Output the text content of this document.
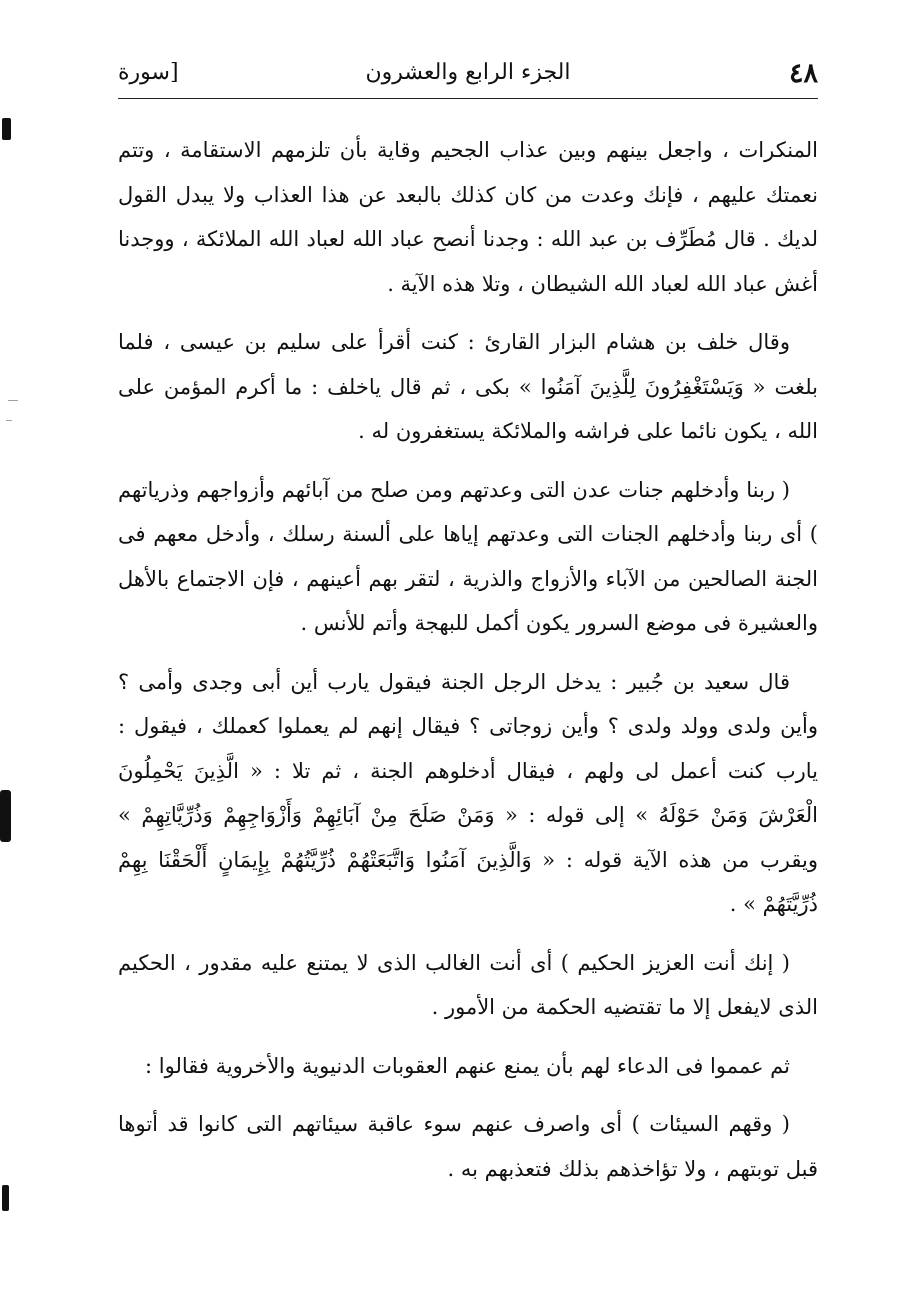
٤٨
الجزء الرابع والعشرون
[سورة

المنكرات ، واجعل بينهم وبين عذاب الجحيم وقاية بأن تلزمهم الاستقامة ، وتتم نعمتك عليهم ، فإنك وعدت من كان كذلك بالبعد عن هذا العذاب ولا يبدل القول لديك . قال مُطَرِّف بن عبد الله : وجدنا أنصح عباد الله لعباد الله الملائكة ، ووجدنا أغش عباد الله لعباد الله الشيطان ، وتلا هذه الآية .

وقال خلف بن هشام البزار القارئ : كنت أقرأ على سليم بن عيسى ، فلما بلغت « وَيَسْتَغْفِرُونَ لِلَّذِينَ آمَنُوا » بكى ، ثم قال ياخلف : ما أكرم المؤمن على الله ، يكون نائما على فراشه والملائكة يستغفرون له .

( ربنا وأدخلهم جنات عدن التى وعدتهم ومن صلح من آبائهم وأزواجهم وذرياتهم ) أى ربنا وأدخلهم الجنات التى وعدتهم إياها على ألسنة رسلك ، وأدخل معهم فى الجنة الصالحين من الآباء والأزواج والذرية ، لتقر بهم أعينهم ، فإن الاجتماع بالأهل والعشيرة فى موضع السرور يكون أكمل للبهجة وأتم للأنس .

قال سعيد بن جُبير : يدخل الرجل الجنة فيقول يارب أين أبى وجدى وأمى ؟ وأين ولدى وولد ولدى ؟ وأين زوجاتى ؟ فيقال إنهم لم يعملوا كعملك ، فيقول : يارب كنت أعمل لى ولهم ، فيقال أدخلوهم الجنة ، ثم تلا : « الَّذِينَ يَحْمِلُونَ الْعَرْشَ وَمَنْ حَوْلَهُ » إلى قوله : « وَمَنْ صَلَحَ مِنْ آبَائِهِمْ وَأَزْوَاجِهِمْ وَذُرِّيَّاتِهِمْ » ويقرب من هذه الآية قوله : « وَالَّذِينَ آمَنُوا وَاتَّبَعَتْهُمْ ذُرِّيَّتُهُمْ بِإِيمَانٍ أَلْحَقْنَا بِهِمْ ذُرِّيَّتَهُمْ » .

( إنك أنت العزيز الحكيم ) أى أنت الغالب الذى لا يمتنع عليه مقدور ، الحكيم الذى لايفعل إلا ما تقتضيه الحكمة من الأمور .

ثم عمموا فى الدعاء لهم بأن يمنع عنهم العقوبات الدنيوية والأخروية فقالوا :

( وقهم السيئات ) أى واصرف عنهم سوء عاقبة سيئاتهم التى كانوا قد أتوها قبل توبتهم ، ولا تؤاخذهم بذلك فتعذبهم به .
